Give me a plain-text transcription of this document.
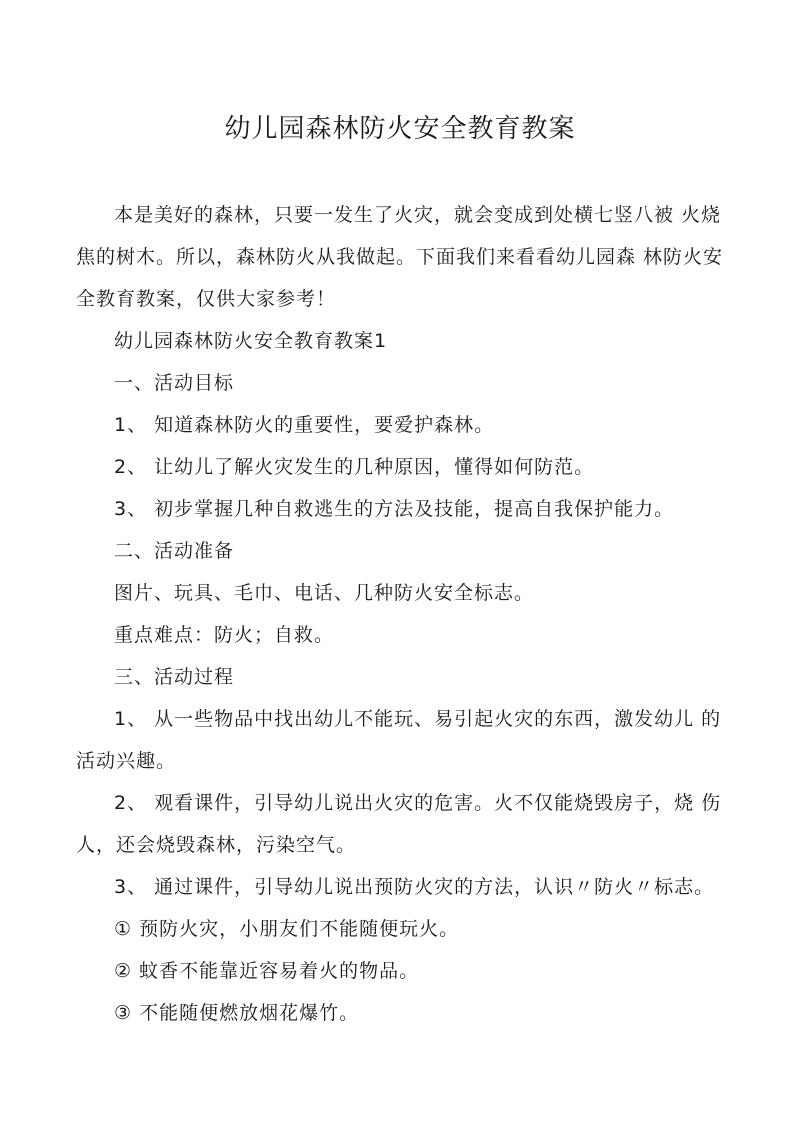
幼儿园森林防火安全教育教案
本是美好的森林，只要一发生了火灾，就会变成到处横七竖八被 火烧
焦的树木。所以，森林防火从我做起。下面我们来看看幼儿园森 林防火安
全教育教案，仅供大家参考！
幼儿园森林防火安全教育教案1
一、活动目标
1、 知道森林防火的重要性，要爱护森林。
2、 让幼儿了解火灾发生的几种原因，懂得如何防范。
3、 初步掌握几种自救逃生的方法及技能，提高自我保护能力。
二、活动准备
图片、玩具、毛巾、电话、几种防火安全标志。
重点难点：防火；自救。
三、活动过程
1、 从一些物品中找出幼儿不能玩、易引起火灾的东西，激发幼儿 的
活动兴趣。
2、 观看课件，引导幼儿说出火灾的危害。火不仅能烧毁房子，烧 伤
人，还会烧毁森林，污染空气。
3、 通过课件，引导幼儿说出预防火灾的方法，认识〃防火〃标志。
① 预防火灾，小朋友们不能随便玩火。
② 蚊香不能靠近容易着火的物品。
③ 不能随便燃放烟花爆竹。
